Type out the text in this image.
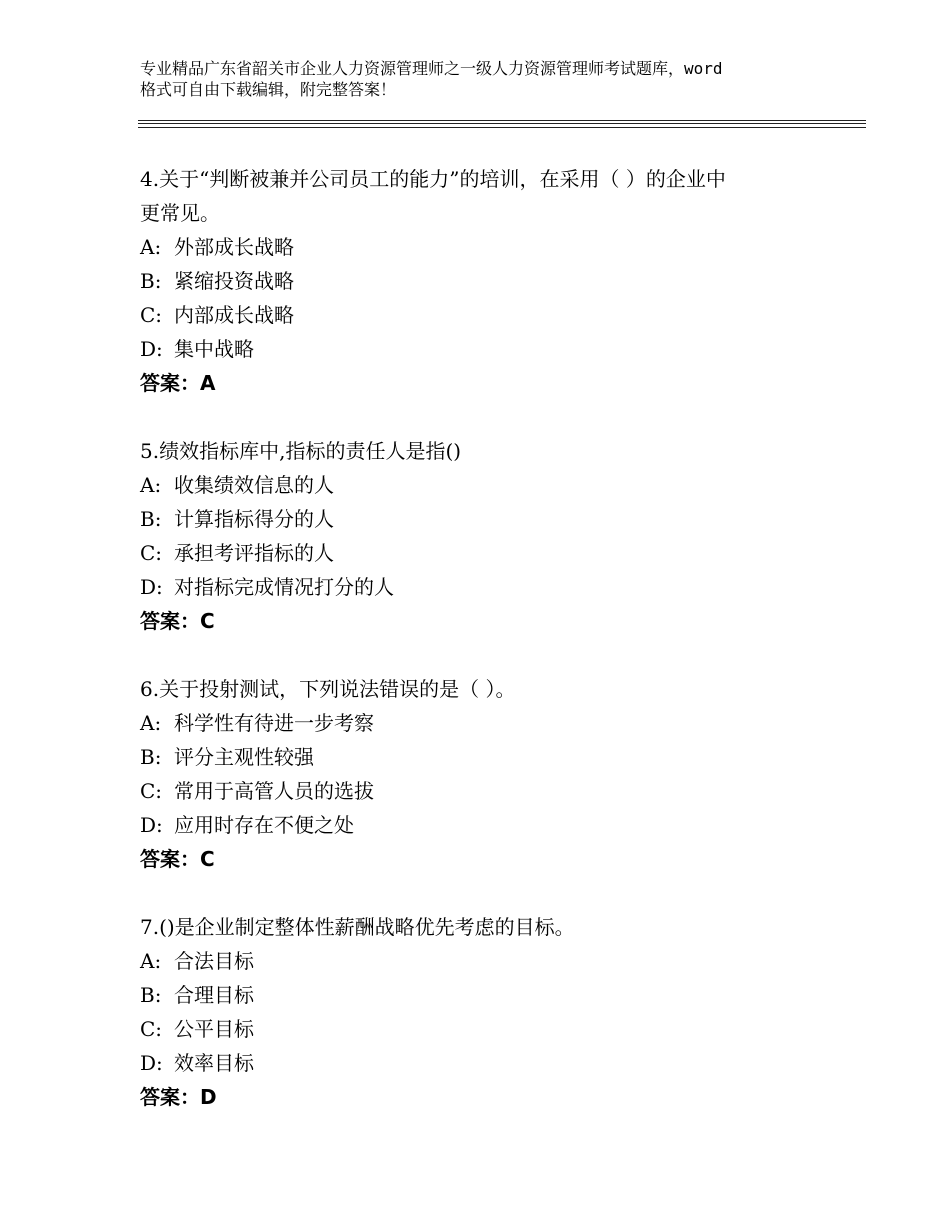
专业精品广东省韶关市企业人力资源管理师之一级人力资源管理师考试题库，word
格式可自由下载编辑，附完整答案！
4.关于“判断被兼并公司员工的能力”的培训，在采用（ ）的企业中
更常见。
A: 外部成长战略
B: 紧缩投资战略
C: 内部成长战略
D: 集中战略
答案：A
5.绩效指标库中,指标的责任人是指()
A: 收集绩效信息的人
B: 计算指标得分的人
C: 承担考评指标的人
D: 对指标完成情况打分的人
答案：C
6.关于投射测试，下列说法错误的是（ ）。
A: 科学性有待进一步考察
B: 评分主观性较强
C: 常用于高管人员的选拔
D: 应用时存在不便之处
答案：C
7.()是企业制定整体性薪酬战略优先考虑的目标。
A: 合法目标
B: 合理目标
C: 公平目标
D: 效率目标
答案：D
